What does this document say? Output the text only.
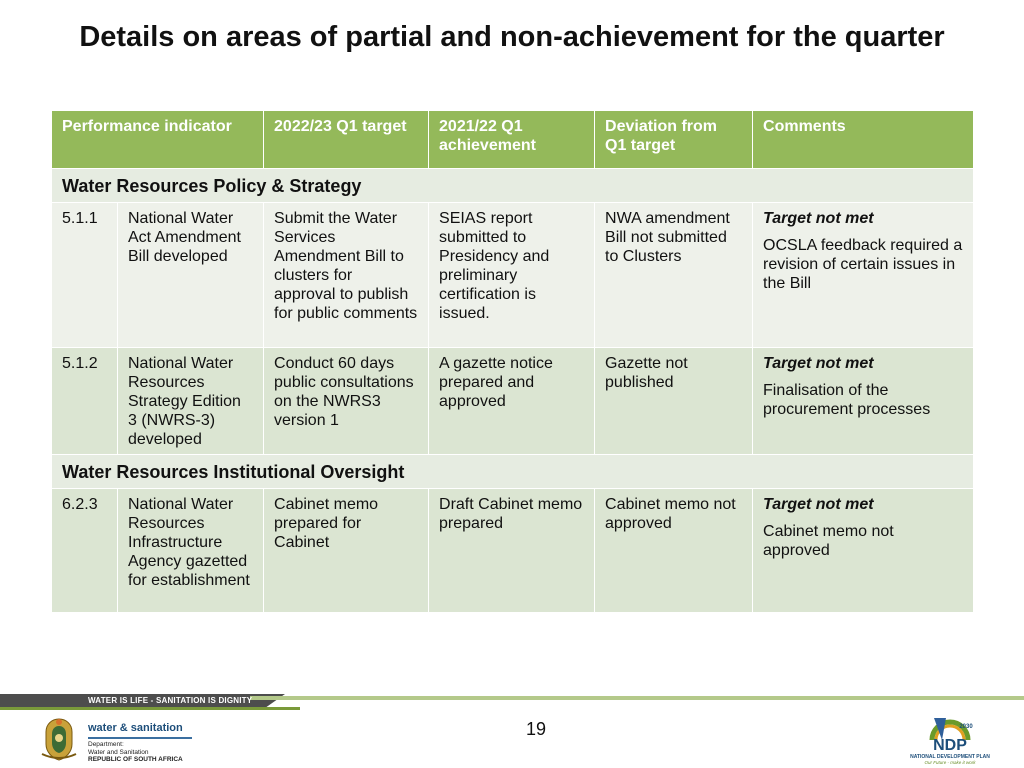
Details on areas of partial and non-achievement for the quarter
Performance indicator		2022/23 Q1 target	2021/22 Q1 achievement	Deviation from Q1 target	Comments
Water Resources Policy & Strategy					
5.1.1	National Water Act Amendment Bill developed	Submit the Water Services Amendment Bill to clusters for approval to publish for public comments	SEIAS report submitted to Presidency and preliminary certification is issued.	NWA amendment Bill not submitted to Clusters	Target not met
OCSLA feedback required a revision of certain issues in the Bill
5.1.2	National Water Resources Strategy Edition 3 (NWRS-3) developed	Conduct 60 days public consultations on the NWRS3 version 1	A gazette notice prepared and approved	Gazette not published	Target not met
Finalisation of the procurement processes
Water Resources Institutional Oversight					
6.2.3	National Water Resources Infrastructure Agency gazetted for establishment	Cabinet memo prepared for Cabinet	Draft Cabinet memo prepared	Cabinet memo not approved	Target not met
Cabinet memo not approved
WATER IS LIFE - SANITATION IS DIGNITY
water & sanitation
Department:
Water and Sanitation
REPUBLIC OF SOUTH AFRICA
19
NDP
2030
NATIONAL DEVELOPMENT PLAN
Our Future - make it work
